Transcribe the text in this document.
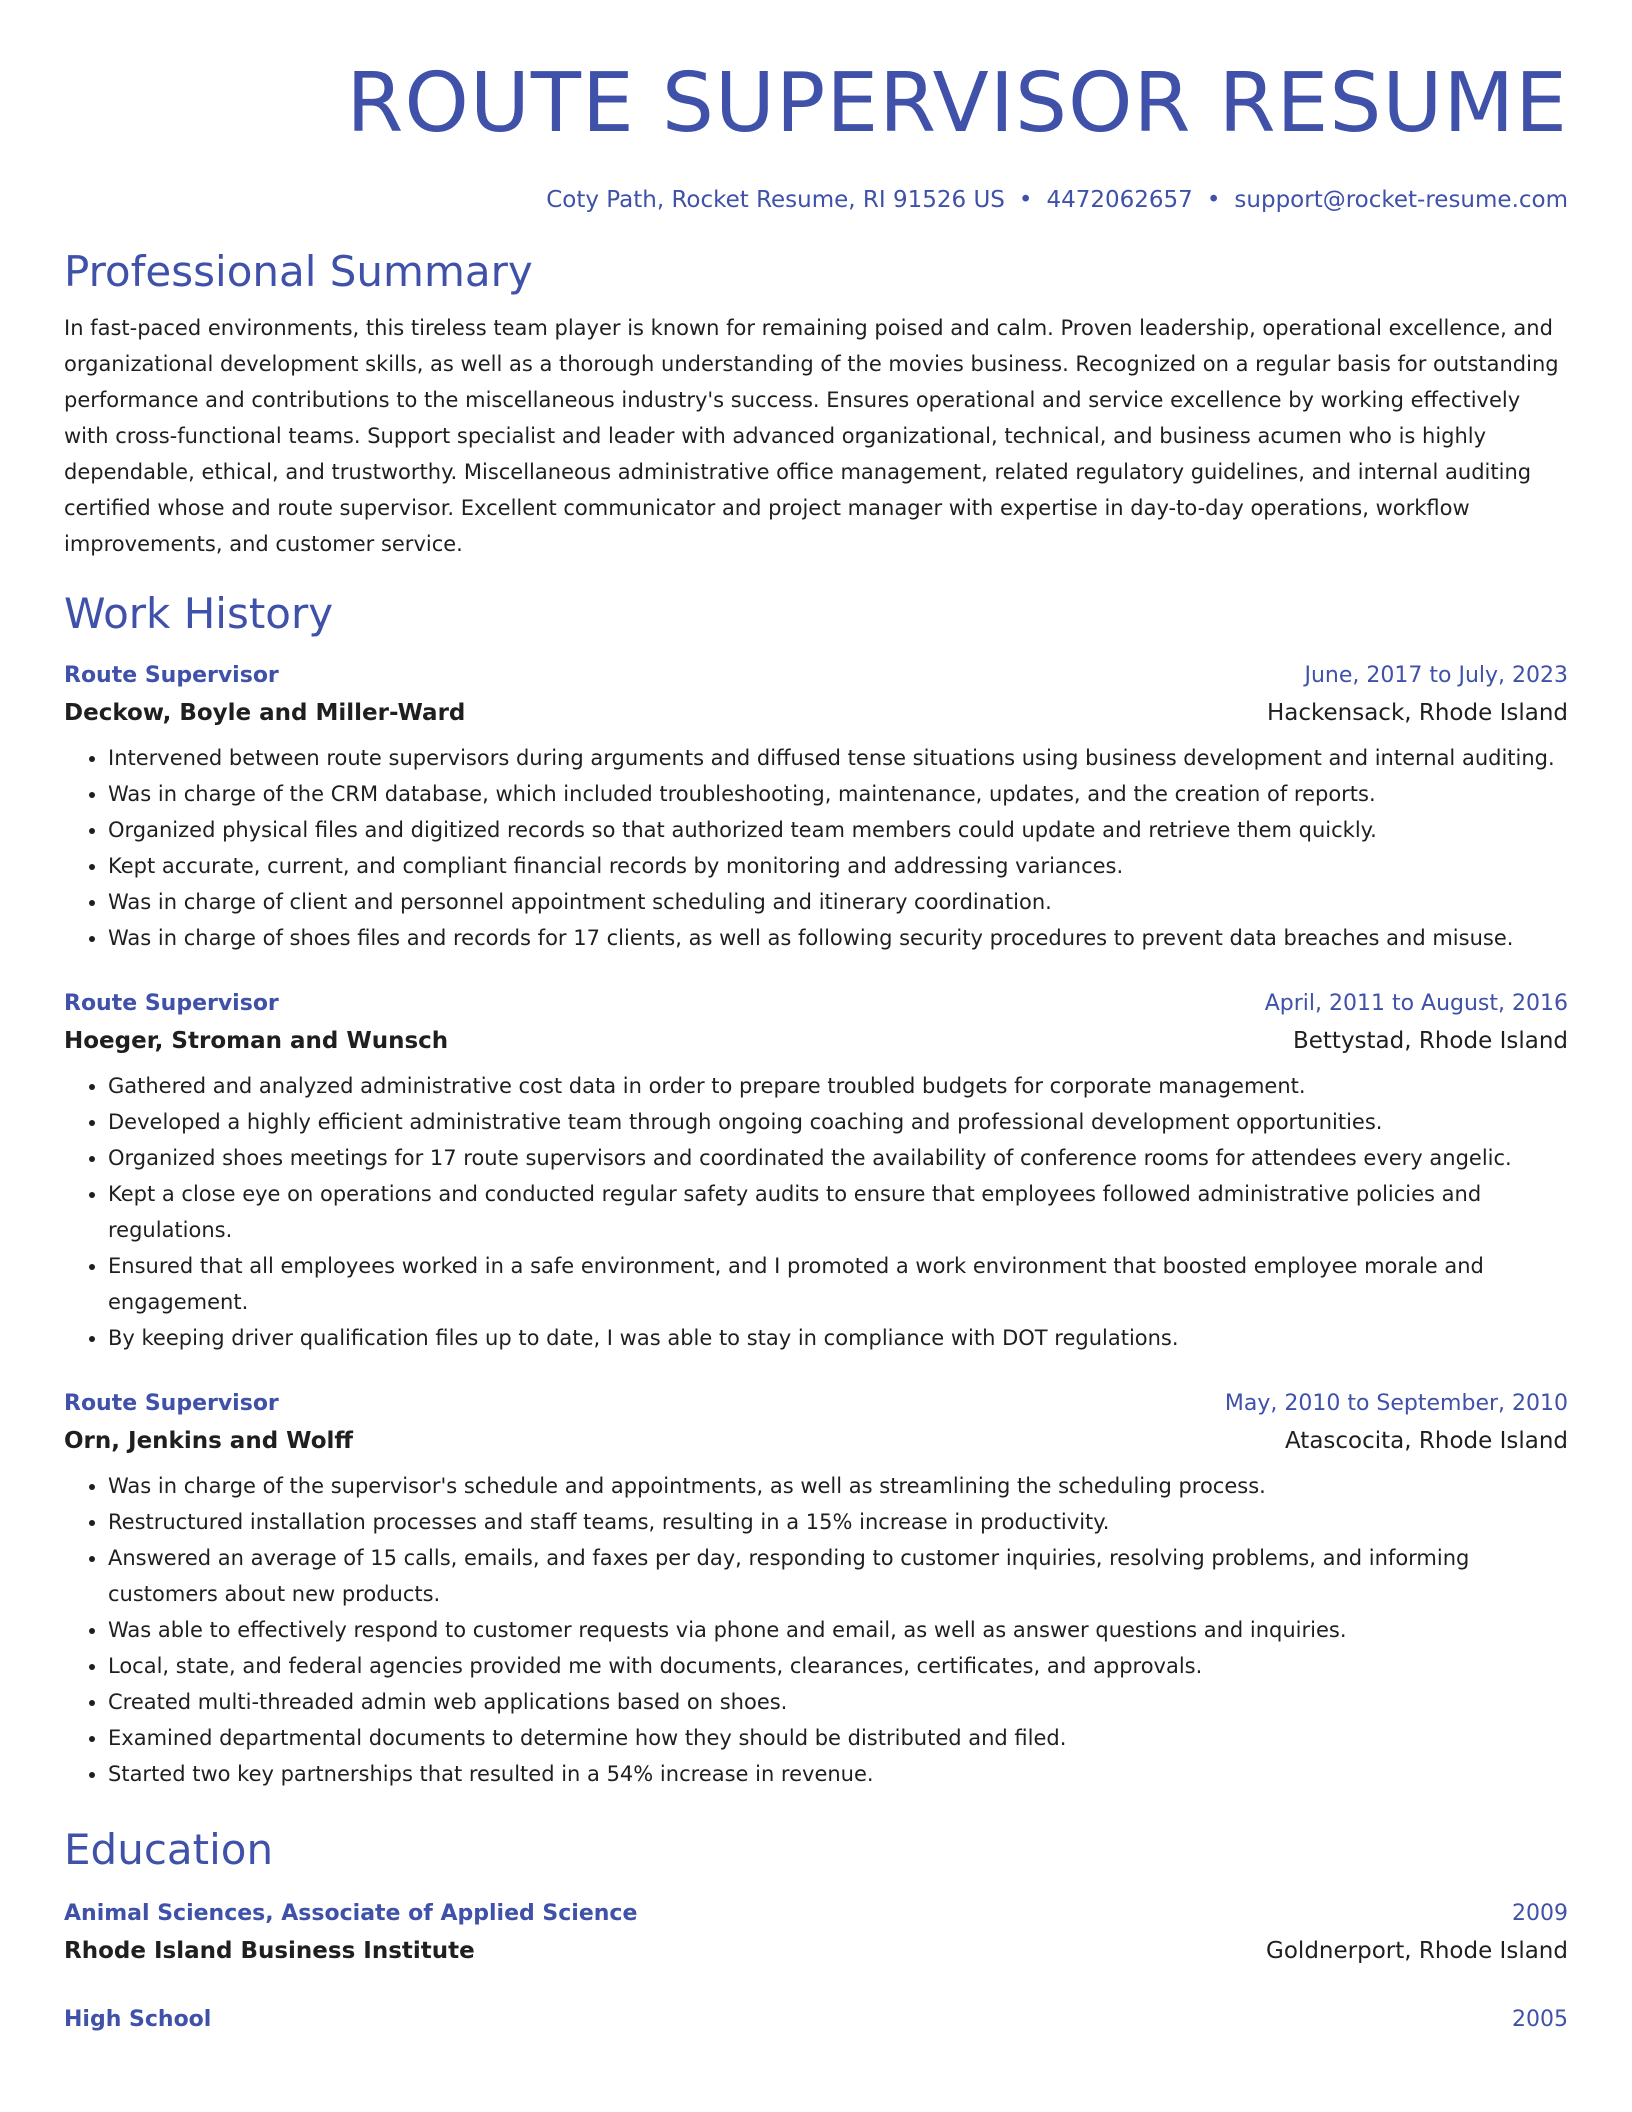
ROUTE SUPERVISOR RESUME
Coty Path, Rocket Resume, RI 91526 US • 4472062657 • support@rocket-resume.com
Professional Summary
In fast-paced environments, this tireless team player is known for remaining poised and calm. Proven leadership, operational excellence, and organizational development skills, as well as a thorough understanding of the movies business. Recognized on a regular basis for outstanding performance and contributions to the miscellaneous industry's success. Ensures operational and service excellence by working effectively with cross-functional teams. Support specialist and leader with advanced organizational, technical, and business acumen who is highly dependable, ethical, and trustworthy. Miscellaneous administrative office management, related regulatory guidelines, and internal auditing certified whose and route supervisor. Excellent communicator and project manager with expertise in day-to-day operations, workflow improvements, and customer service.
Work History
Route Supervisor	June, 2017 to July, 2023
Deckow, Boyle and Miller-Ward	Hackensack, Rhode Island
• Intervened between route supervisors during arguments and diffused tense situations using business development and internal auditing.
• Was in charge of the CRM database, which included troubleshooting, maintenance, updates, and the creation of reports.
• Organized physical files and digitized records so that authorized team members could update and retrieve them quickly.
• Kept accurate, current, and compliant financial records by monitoring and addressing variances.
• Was in charge of client and personnel appointment scheduling and itinerary coordination.
• Was in charge of shoes files and records for 17 clients, as well as following security procedures to prevent data breaches and misuse.
Route Supervisor	April, 2011 to August, 2016
Hoeger, Stroman and Wunsch	Bettystad, Rhode Island
• Gathered and analyzed administrative cost data in order to prepare troubled budgets for corporate management.
• Developed a highly efficient administrative team through ongoing coaching and professional development opportunities.
• Organized shoes meetings for 17 route supervisors and coordinated the availability of conference rooms for attendees every angelic.
• Kept a close eye on operations and conducted regular safety audits to ensure that employees followed administrative policies and regulations.
• Ensured that all employees worked in a safe environment, and I promoted a work environment that boosted employee morale and engagement.
• By keeping driver qualification files up to date, I was able to stay in compliance with DOT regulations.
Route Supervisor	May, 2010 to September, 2010
Orn, Jenkins and Wolff	Atascocita, Rhode Island
• Was in charge of the supervisor's schedule and appointments, as well as streamlining the scheduling process.
• Restructured installation processes and staff teams, resulting in a 15% increase in productivity.
• Answered an average of 15 calls, emails, and faxes per day, responding to customer inquiries, resolving problems, and informing customers about new products.
• Was able to effectively respond to customer requests via phone and email, as well as answer questions and inquiries.
• Local, state, and federal agencies provided me with documents, clearances, certificates, and approvals.
• Created multi-threaded admin web applications based on shoes.
• Examined departmental documents to determine how they should be distributed and filed.
• Started two key partnerships that resulted in a 54% increase in revenue.
Education
Animal Sciences, Associate of Applied Science	2009
Rhode Island Business Institute	Goldnerport, Rhode Island
High School	2005
